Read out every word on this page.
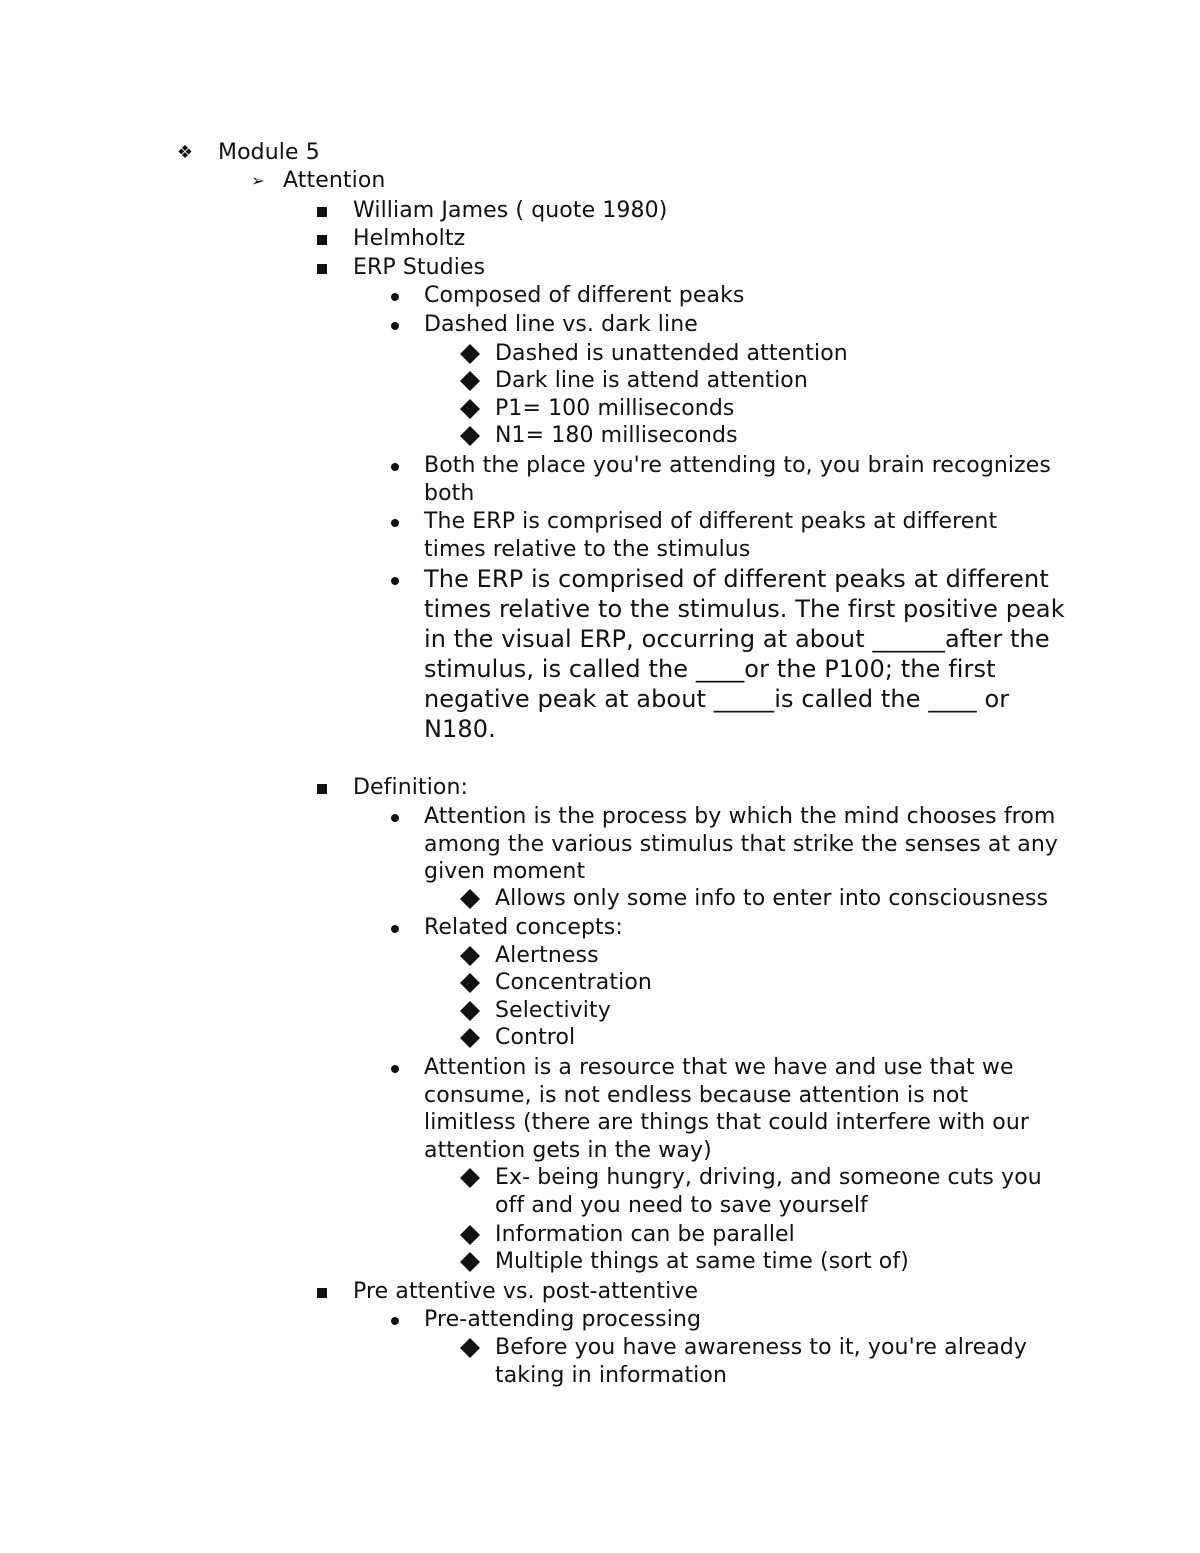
❖ Module 5
➢ Attention
William James ( quote 1980)
Helmholtz
ERP Studies
Composed of different peaks
Dashed line vs. dark line
Dashed is unattended attention
Dark line is attend attention
P1= 100 milliseconds
N1= 180 milliseconds
Both the place you're attending to, you brain recognizes
both
The ERP is comprised of different peaks at different
times relative to the stimulus
The ERP is comprised of different peaks at different
times relative to the stimulus. The first positive peak
in the visual ERP, occurring at about ______after the
stimulus, is called the ____or the P100; the first
negative peak at about _____is called the ____ or
N180.
Definition:
Attention is the process by which the mind chooses from
among the various stimulus that strike the senses at any
given moment
Allows only some info to enter into consciousness
Related concepts:
Alertness
Concentration
Selectivity
Control
Attention is a resource that we have and use that we
consume, is not endless because attention is not
limitless (there are things that could interfere with our
attention gets in the way)
Ex- being hungry, driving, and someone cuts you
off and you need to save yourself
Information can be parallel
Multiple things at same time (sort of)
Pre attentive vs. post-attentive
Pre-attending processing
Before you have awareness to it, you're already
taking in information
